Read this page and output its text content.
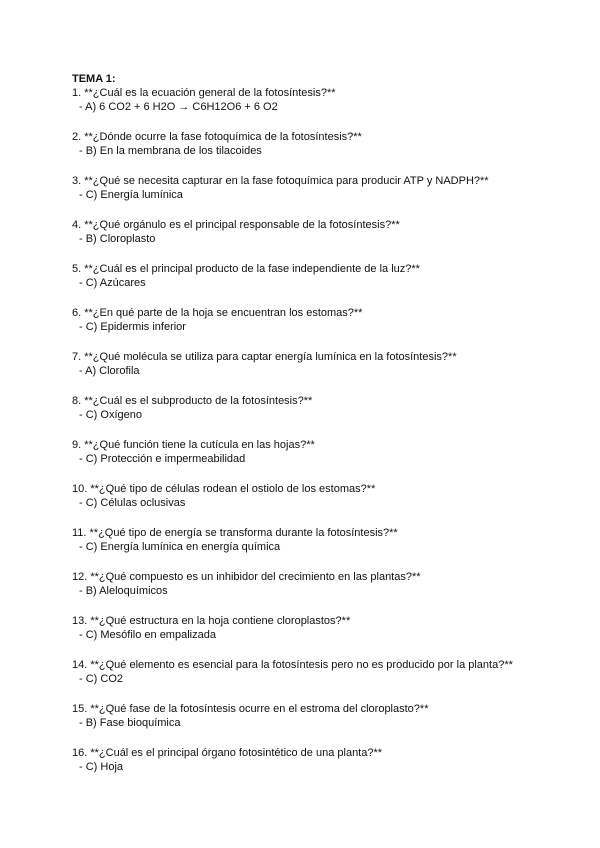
TEMA 1:
1. **¿Cuál es la ecuación general de la fotosíntesis?**
- A) 6 CO2 + 6 H2O → C6H12O6 + 6 O2
2. **¿Dónde ocurre la fase fotoquímica de la fotosíntesis?**
- B) En la membrana de los tilacoides
3. **¿Qué se necesita capturar en la fase fotoquímica para producir ATP y NADPH?**
- C) Energía lumínica
4. **¿Qué orgánulo es el principal responsable de la fotosíntesis?**
- B) Cloroplasto
5. **¿Cuál es el principal producto de la fase independiente de la luz?**
- C) Azúcares
6. **¿En qué parte de la hoja se encuentran los estomas?**
- C) Epidermis inferior
7. **¿Qué molécula se utiliza para captar energía lumínica en la fotosíntesis?**
- A) Clorofila
8. **¿Cuál es el subproducto de la fotosíntesis?**
- C) Oxígeno
9. **¿Qué función tiene la cutícula en las hojas?**
- C) Protección e impermeabilidad
10. **¿Qué tipo de células rodean el ostiolo de los estomas?**
- C) Células oclusivas
11. **¿Qué tipo de energía se transforma durante la fotosíntesis?**
- C) Energía lumínica en energía química
12. **¿Qué compuesto es un inhibidor del crecimiento en las plantas?**
- B) Aleloquímicos
13. **¿Qué estructura en la hoja contiene cloroplastos?**
- C) Mesófilo en empalizada
14. **¿Qué elemento es esencial para la fotosíntesis pero no es producido por la planta?**
- C) CO2
15. **¿Qué fase de la fotosíntesis ocurre en el estroma del cloroplasto?**
- B) Fase bioquímica
16. **¿Cuál es el principal órgano fotosintético de una planta?**
- C) Hoja
